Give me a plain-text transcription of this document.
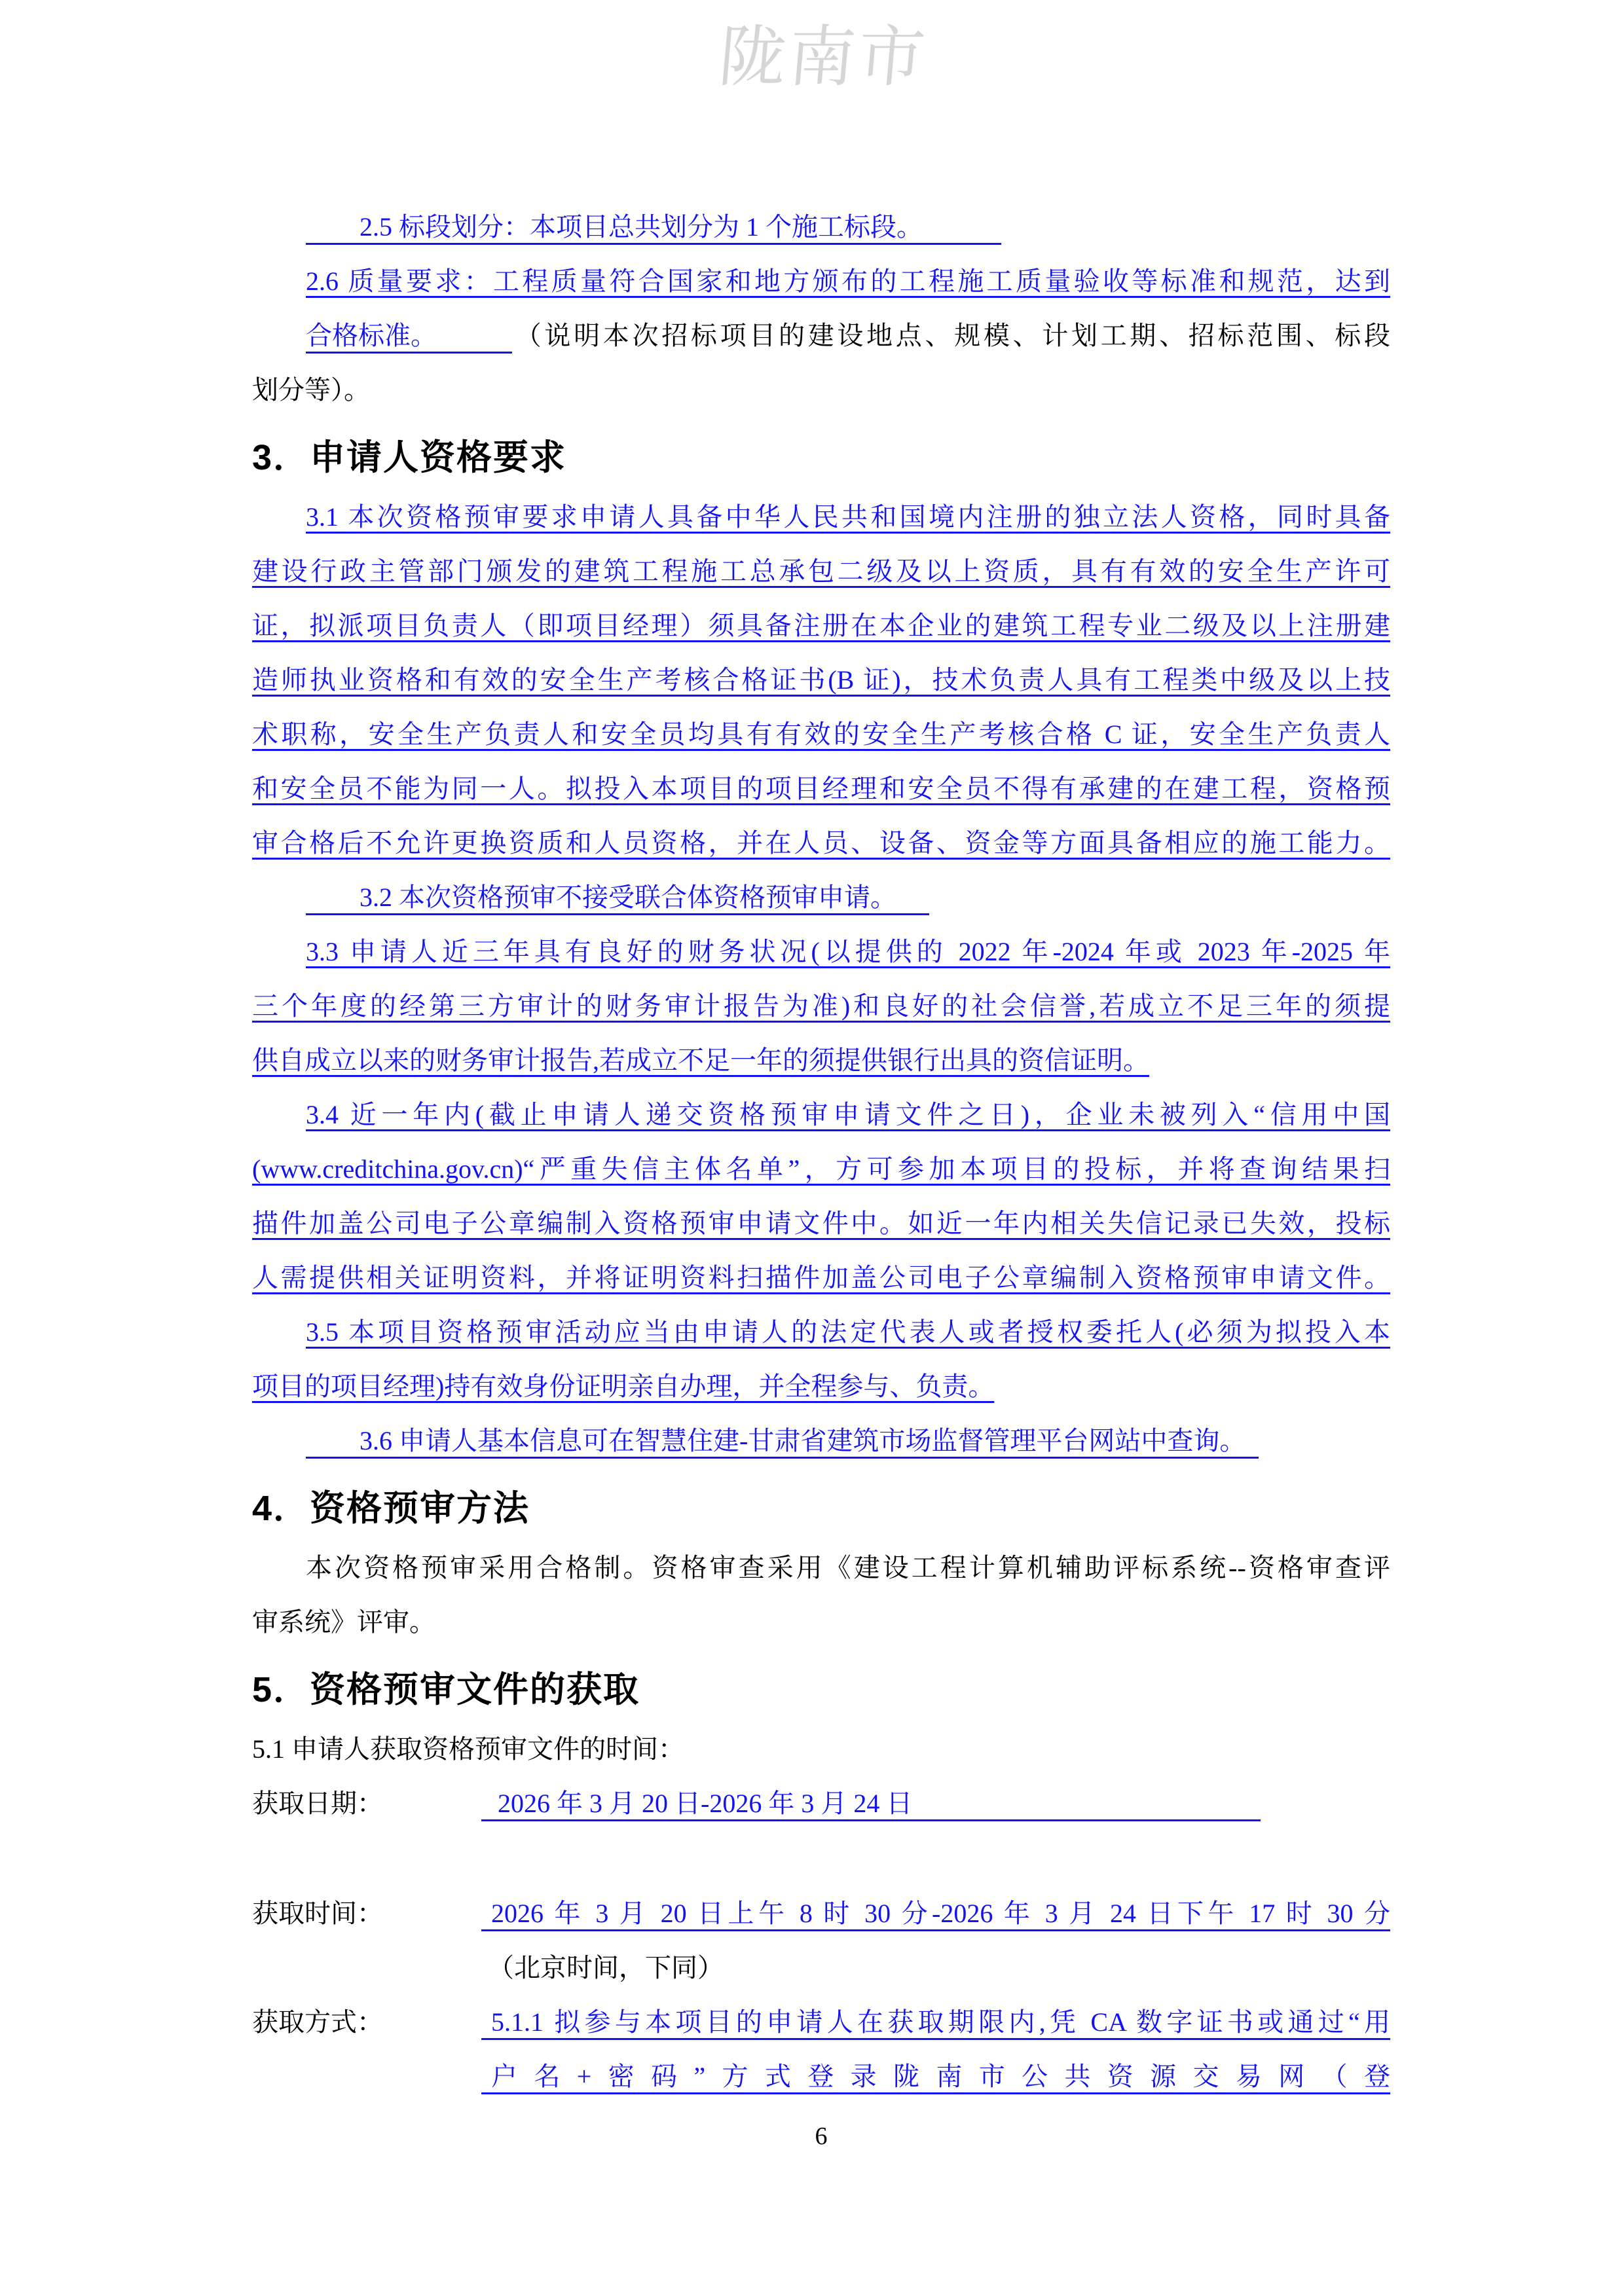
陇南市
2.5 标段划分：本项目总共划分为 1 个施工标段。
2.6 质量要求：工程质量符合国家和地方颁布的工程施工质量验收等标准和规范，达到
合格标准。	（说明本次招标项目的建设地点、规模、计划工期、招标范围、标段
划分等）。
3．申请人资格要求
3.1 本次资格预审要求申请人具备中华人民共和国境内注册的独立法人资格，同时具备
建设行政主管部门颁发的建筑工程施工总承包二级及以上资质，具有有效的安全生产许可
证，拟派项目负责人（即项目经理）须具备注册在本企业的建筑工程专业二级及以上注册建
造师执业资格和有效的安全生产考核合格证书(B 证)，技术负责人具有工程类中级及以上技
术职称，安全生产负责人和安全员均具有有效的安全生产考核合格 C 证，安全生产负责人
和安全员不能为同一人。拟投入本项目的项目经理和安全员不得有承建的在建工程，资格预
审合格后不允许更换资质和人员资格，并在人员、设备、资金等方面具备相应的施工能力。
3.2 本次资格预审不接受联合体资格预审申请。
3.3 申请人近三年具有良好的财务状况(以提供的 2022 年-2024 年或 2023 年-2025 年
三个年度的经第三方审计的财务审计报告为准)和良好的社会信誉,若成立不足三年的须提
供自成立以来的财务审计报告,若成立不足一年的须提供银行出具的资信证明。
3.4 近一年内(截止申请人递交资格预审申请文件之日)，企业未被列入“信用中国
(www.creditchina.gov.cn)“严重失信主体名单”，方可参加本项目的投标，并将查询结果扫
描件加盖公司电子公章编制入资格预审申请文件中。如近一年内相关失信记录已失效，投标
人需提供相关证明资料，并将证明资料扫描件加盖公司电子公章编制入资格预审申请文件。
3.5 本项目资格预审活动应当由申请人的法定代表人或者授权委托人(必须为拟投入本
项目的项目经理)持有效身份证明亲自办理，并全程参与、负责。
3.6 申请人基本信息可在智慧住建-甘肃省建筑市场监督管理平台网站中查询。
4．资格预审方法
本次资格预审采用合格制。资格审查采用《建设工程计算机辅助评标系统--资格审查评
审系统》评审。
5．资格预审文件的获取
5.1 申请人获取资格预审文件的时间：
获取日期：	2026 年 3 月 20 日-2026 年 3 月 24 日
获取时间：	2026 年 3 月 20 日上午 8 时 30 分-2026 年 3 月 24 日下午 17 时 30 分
（北京时间，下同）
获取方式：	5.1.1 拟参与本项目的申请人在获取期限内,凭 CA 数字证书或通过“用
户名+密码”方式登录陇南市公共资源交易网（登
6
